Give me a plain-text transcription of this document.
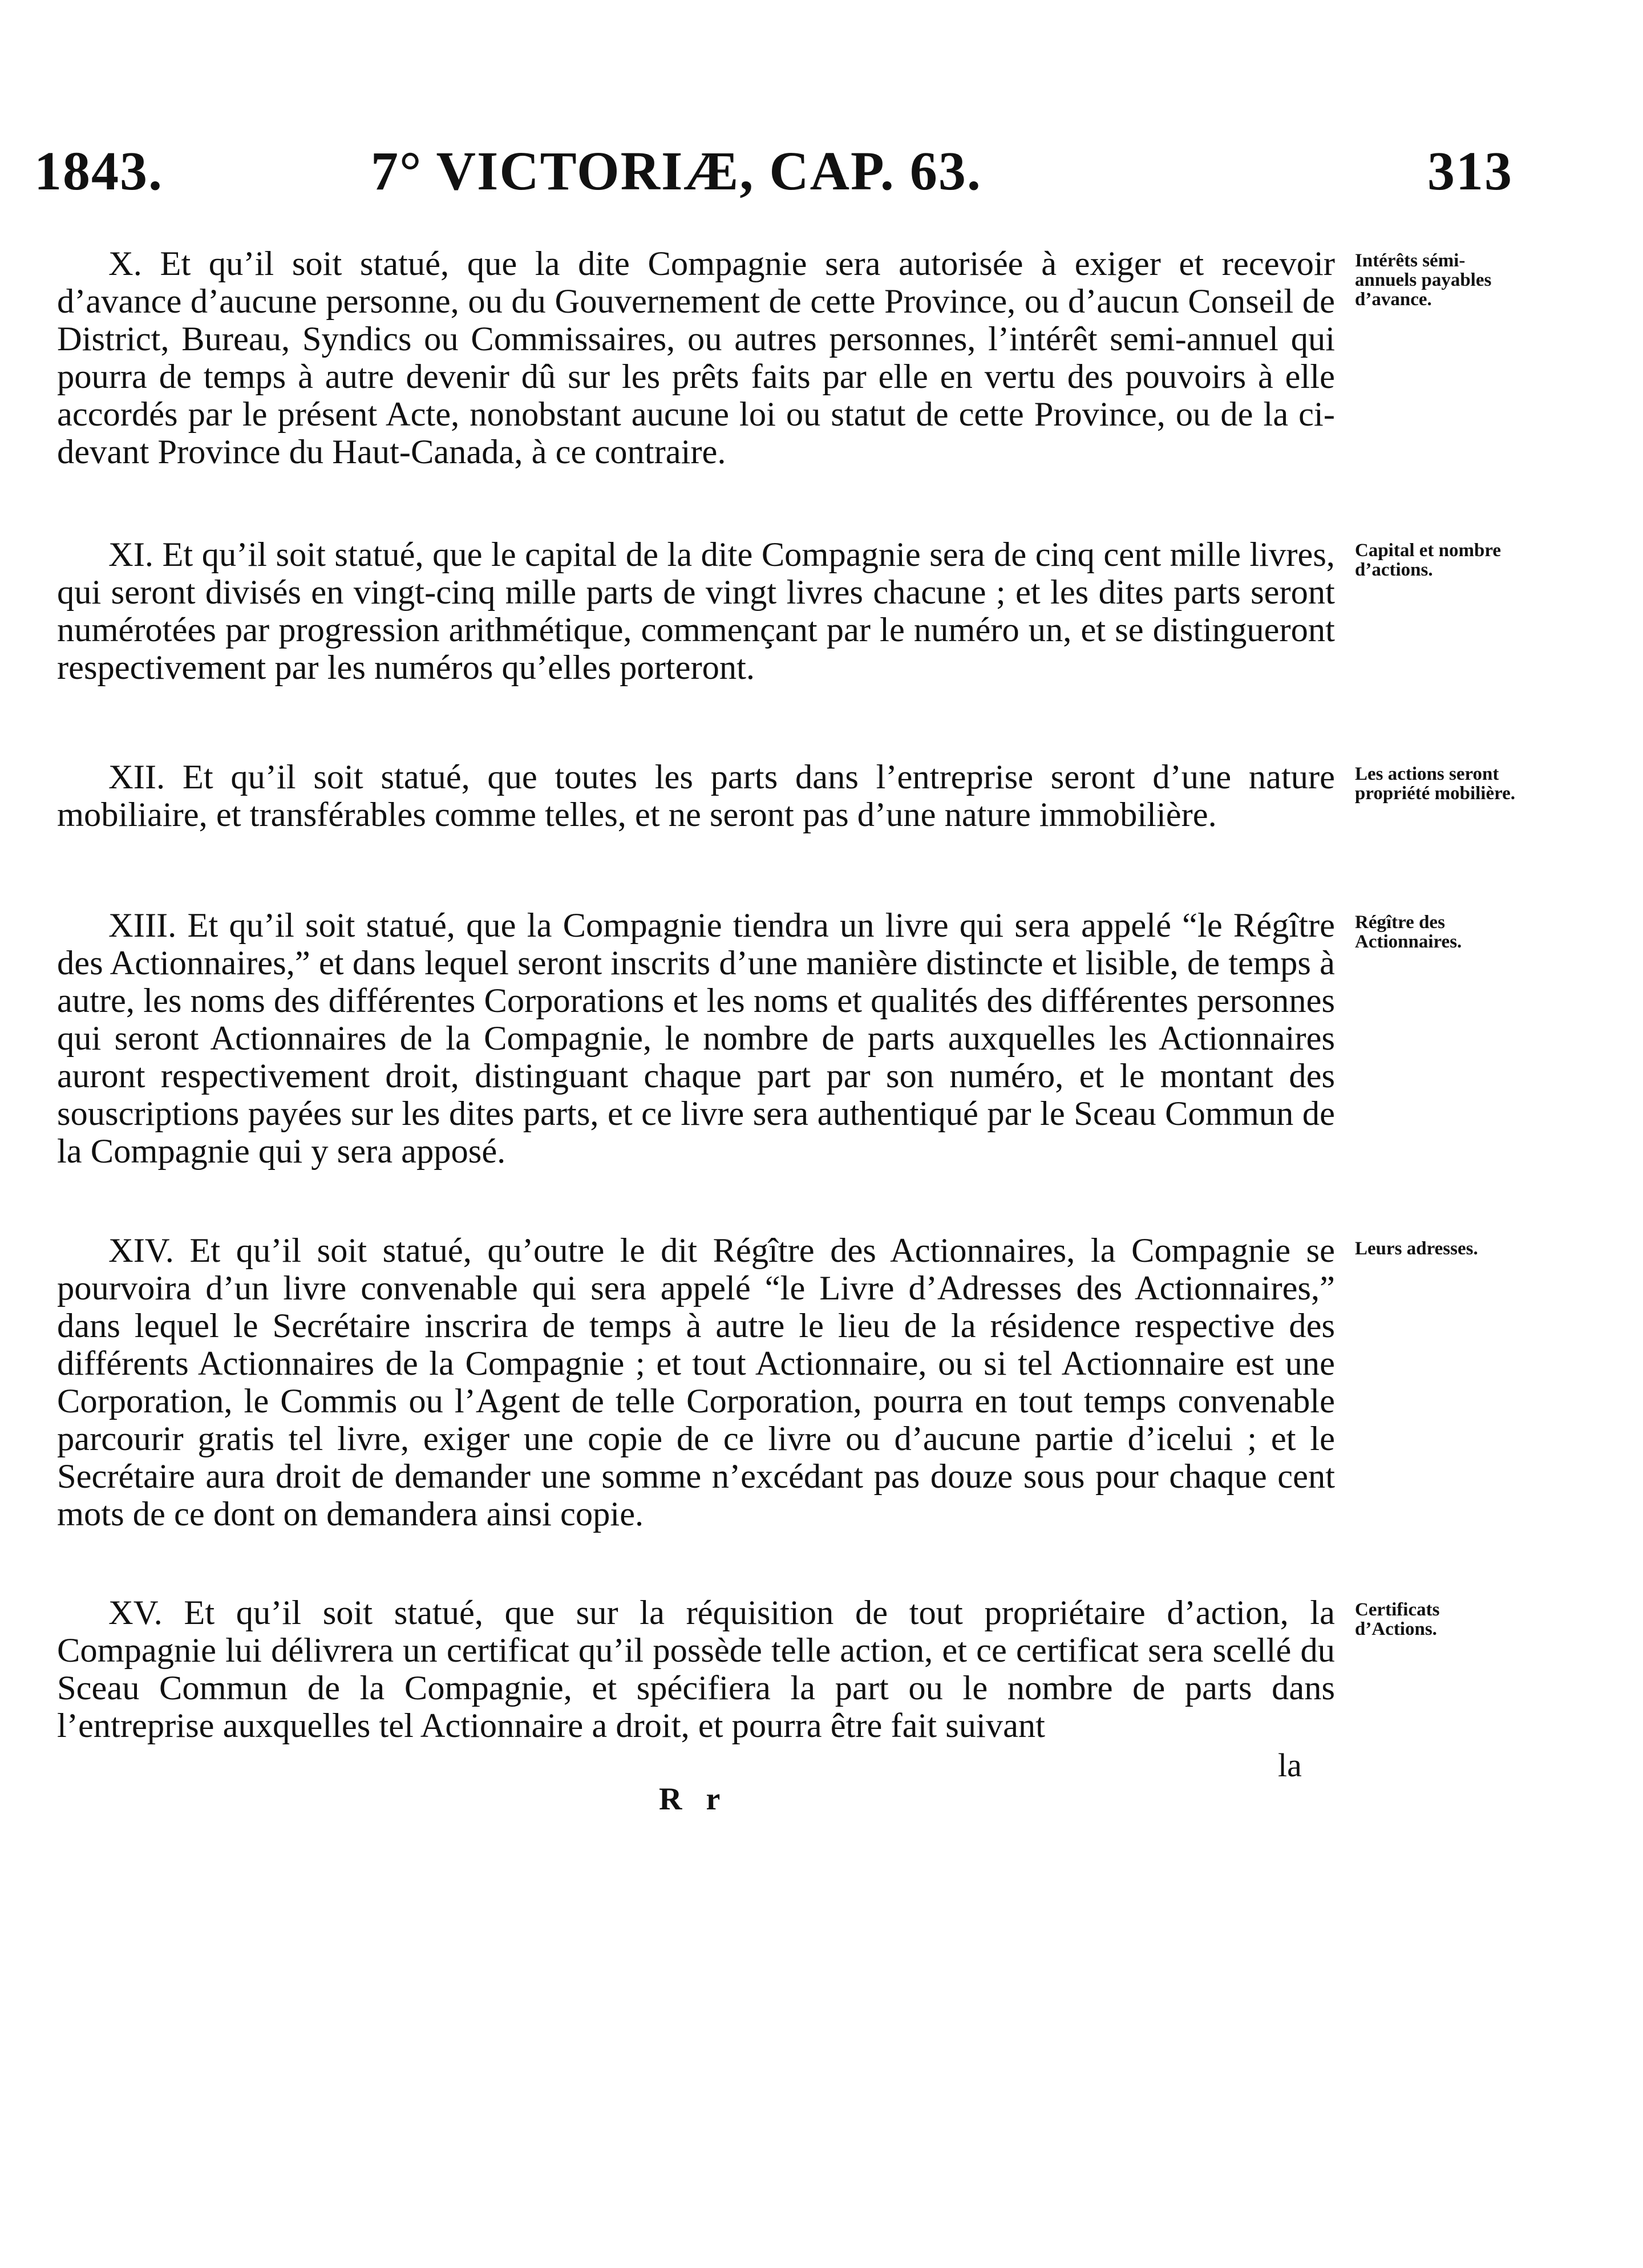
1843.	7° VICTORIÆ, CAP. 63.	313

X. Et qu’il soit statué, que la dite Compagnie sera autorisée à exiger et recevoir d’avance d’aucune personne, ou du Gouvernement de cette Province, ou d’aucun Conseil de District, Bureau, Syndics ou Commissaires, ou autres personnes, l’intérêt semi-annuel qui pourra de temps à autre devenir dû sur les prêts faits par elle en vertu des pouvoirs à elle accordés par le présent Acte, nonobstant aucune loi ou statut de cette Province, ou de la ci-devant Province du Haut-Canada, à ce contraire.

Intérêts sémi-annuels payables d’avance.

XI. Et qu’il soit statué, que le capital de la dite Compagnie sera de cinq cent mille livres, qui seront divisés en vingt-cinq mille parts de vingt livres chacune ; et les dites parts seront numérotées par progression arithmétique, commençant par le numéro un, et se distingueront respectivement par les numéros qu’elles porteront.

Capital et nombre d’actions.

XII. Et qu’il soit statué, que toutes les parts dans l’entreprise seront d’une nature mobiliaire, et transférables comme telles, et ne seront pas d’une nature immobilière.

Les actions seront propriété mobilière.

XIII. Et qu’il soit statué, que la Compagnie tiendra un livre qui sera appelé “le Régître des Actionnaires,” et dans lequel seront inscrits d’une manière distincte et lisible, de temps à autre, les noms des différentes Corporations et les noms et qualités des différentes personnes qui seront Actionnaires de la Compagnie, le nombre de parts auxquelles les Actionnaires auront respectivement droit, distinguant chaque part par son numéro, et le montant des souscriptions payées sur les dites parts, et ce livre sera authentiqué par le Sceau Commun de la Compagnie qui y sera apposé.

Régître des Actionnaires.

XIV. Et qu’il soit statué, qu’outre le dit Régître des Actionnaires, la Compagnie se pourvoira d’un livre convenable qui sera appelé “le Livre d’Adresses des Actionnaires,” dans lequel le Secrétaire inscrira de temps à autre le lieu de la résidence respective des différents Actionnaires de la Compagnie ; et tout Actionnaire, ou si tel Actionnaire est une Corporation, le Commis ou l’Agent de telle Corporation, pourra en tout temps convenable parcourir gratis tel livre, exiger une copie de ce livre ou d’aucune partie d’icelui ; et le Secrétaire aura droit de demander une somme n’excédant pas douze sous pour chaque cent mots de ce dont on demandera ainsi copie.

Leurs adresses.

XV. Et qu’il soit statué, que sur la réquisition de tout propriétaire d’action, la Compagnie lui délivrera un certificat qu’il possède telle action, et ce certificat sera scellé du Sceau Commun de la Compagnie, et spécifiera la part ou le nombre de parts dans l’entreprise auxquelles tel Actionnaire a droit, et pourra être fait suivant

Certificats d’Actions.
la
R r
